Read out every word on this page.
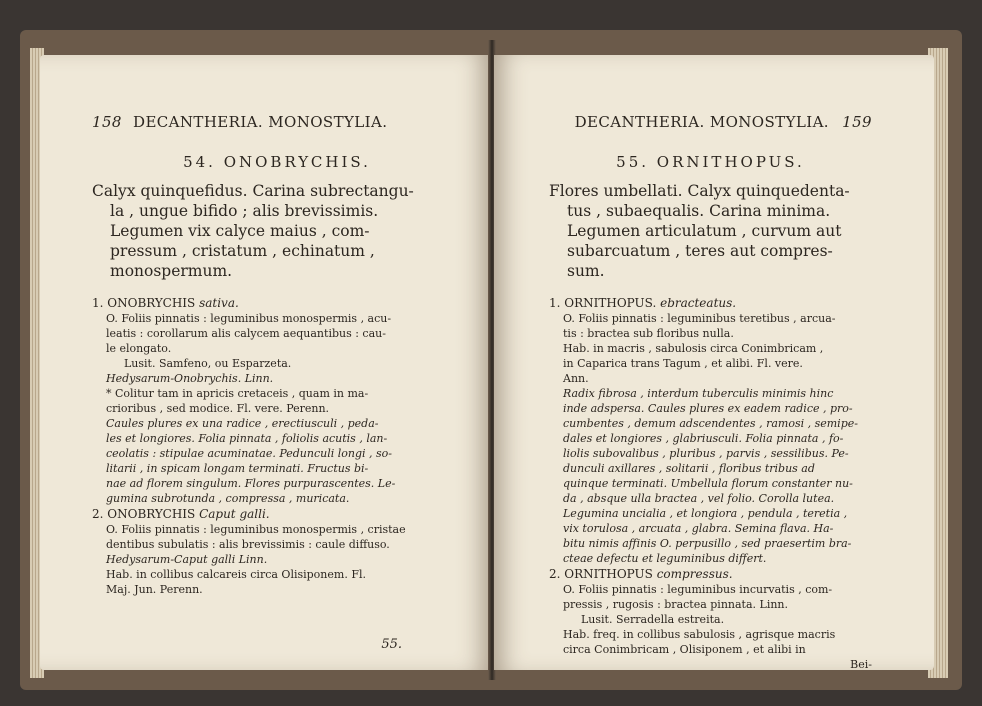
158 DECANTHERIA. MONOSTYLIA.
54. ONOBRYCHIS.
Calyx quinquefidus. Carina subrectangu-
la , ungue bifido ; alis brevissimis.
Legumen vix calyce maius , com-
pressum , cristatum , echinatum ,
monospermum.

1. ONOBRYCHIS sativa.

O. Foliis pinnatis : leguminibus monospermis , acu-

leatis : corollarum alis calycem aequantibus : cau-

le elongato.

Lusit. Samfeno, ou Esparzeta.

Hedysarum-Onobrychis. Linn.

* Colitur tam in apricis cretaceis , quam in ma-

crioribus , sed modice. Fl. vere. Perenn.

Caules plures ex una radice , erectiusculi , peda-

les et longiores. Folia pinnata , foliolis acutis , lan-

ceolatis : stipulae acuminatae. Pedunculi longi , so-

litarii , in spicam longam terminati. Fructus bi-

nae ad florem singulum. Flores purpurascentes. Le-

gumina subrotunda , compressa , muricata.

2. ONOBRYCHIS Caput galli.

O. Foliis pinnatis : leguminibus monospermis , cristae

dentibus subulatis : alis brevissimis : caule diffuso.

Hedysarum-Caput galli Linn.

Hab. in collibus calcareis circa Olisiponem. Fl.

Maj. Jun. Perenn.

55.
DECANTHERIA. MONOSTYLIA. 159
55. ORNITHOPUS.
Flores umbellati. Calyx quinquedenta-
tus , subaequalis. Carina minima.
Legumen articulatum , curvum aut
subarcuatum , teres aut compres-
sum.

1. ORNITHOPUS. ebracteatus.

O. Foliis pinnatis : leguminibus teretibus , arcua-

tis : bractea sub floribus nulla.

Hab. in macris , sabulosis circa Conimbricam ,

in Caparica trans Tagum , et alibi. Fl. vere.

Ann.

Radix fibrosa , interdum tuberculis minimis hinc

inde adspersa. Caules plures ex eadem radice , pro-

cumbentes , demum adscendentes , ramosi , semipe-

dales et longiores , glabriusculi. Folia pinnata , fo-

liolis subovalibus , pluribus , parvis , sessilibus. Pe-

dunculi axillares , solitarii , floribus tribus ad

quinque terminati. Umbellula florum constanter nu-

da , absque ulla bractea , vel folio. Corolla lutea.

Legumina uncialia , et longiora , pendula , teretia ,

vix torulosa , arcuata , glabra. Semina flava. Ha-

bitu nimis affinis O. perpusillo , sed praesertim bra-

cteae defectu et leguminibus differt.

2. ORNITHOPUS compressus.

O. Foliis pinnatis : leguminibus incurvatis , com-

pressis , rugosis : bractea pinnata. Linn.

Lusit. Serradella estreita.

Hab. freq. in collibus sabulosis , agrisque macris

circa Conimbricam , Olisiponem , et alibi in

Bei-
